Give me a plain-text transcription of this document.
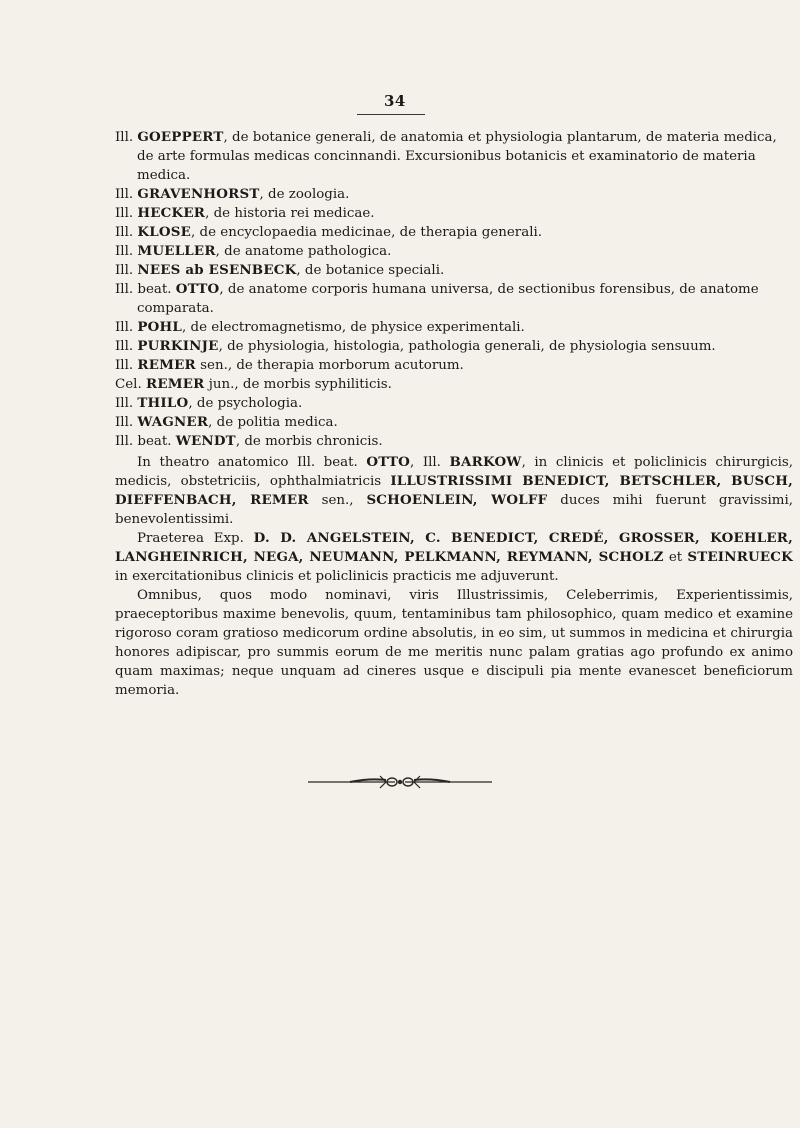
34

Ill. GOEPPERT, de botanice generali, de anatomia et physiologia plantarum, de materia medica, de arte formulas medicas concinnandi. Excursionibus botanicis et examinatorio de materia medica.

Ill. GRAVENHORST, de zoologia.

Ill. HECKER, de historia rei medicae.

Ill. KLOSE, de encyclopaedia medicinae, de therapia generali.

Ill. MUELLER, de anatome pathologica.

Ill. NEES ab ESENBECK, de botanice speciali.

Ill. beat. OTTO, de anatome corporis humana universa, de sectionibus forensibus, de anatome comparata.

Ill. POHL, de electromagnetismo, de physice experimentali.

Ill. PURKINJE, de physiologia, histologia, pathologia generali, de physiologia sensuum.

Ill. REMER sen., de therapia morborum acutorum.

Cel. REMER jun., de morbis syphiliticis.

Ill. THILO, de psychologia.

Ill. WAGNER, de politia medica.

Ill. beat. WENDT, de morbis chronicis.

In theatro anatomico Ill. beat. OTTO, Ill. BARKOW, in clinicis et policlinicis chirurgicis, medicis, obstetriciis, ophthalmiatricis ILLUSTRISSIMI BENEDICT, BETSCHLER, BUSCH, DIEFFENBACH, REMER sen., SCHOENLEIN, WOLFF duces mihi fuerunt gravissimi, benevolentissimi.

Praeterea Exp. D. D. ANGELSTEIN, C. BENEDICT, CREDÉ, GROSSER, KOEHLER, LANGHEINRICH, NEGA, NEUMANN, PELKMANN, REYMANN, SCHOLZ et STEINRUECK in exercitationibus clinicis et policlinicis practicis me adjuverunt.

Omnibus, quos modo nominavi, viris Illustrissimis, Celeberrimis, Experientissimis, praeceptoribus maxime benevolis, quum, tentaminibus tam philosophico, quam medico et examine rigoroso coram gratioso medicorum ordine absolutis, in eo sim, ut summos in medicina et chirurgia honores adipiscar, pro summis eorum de me meritis nunc palam gratias ago profundo ex animo quam maximas; neque unquam ad cineres usque e discipuli pia mente evanescet beneficiorum memoria.
